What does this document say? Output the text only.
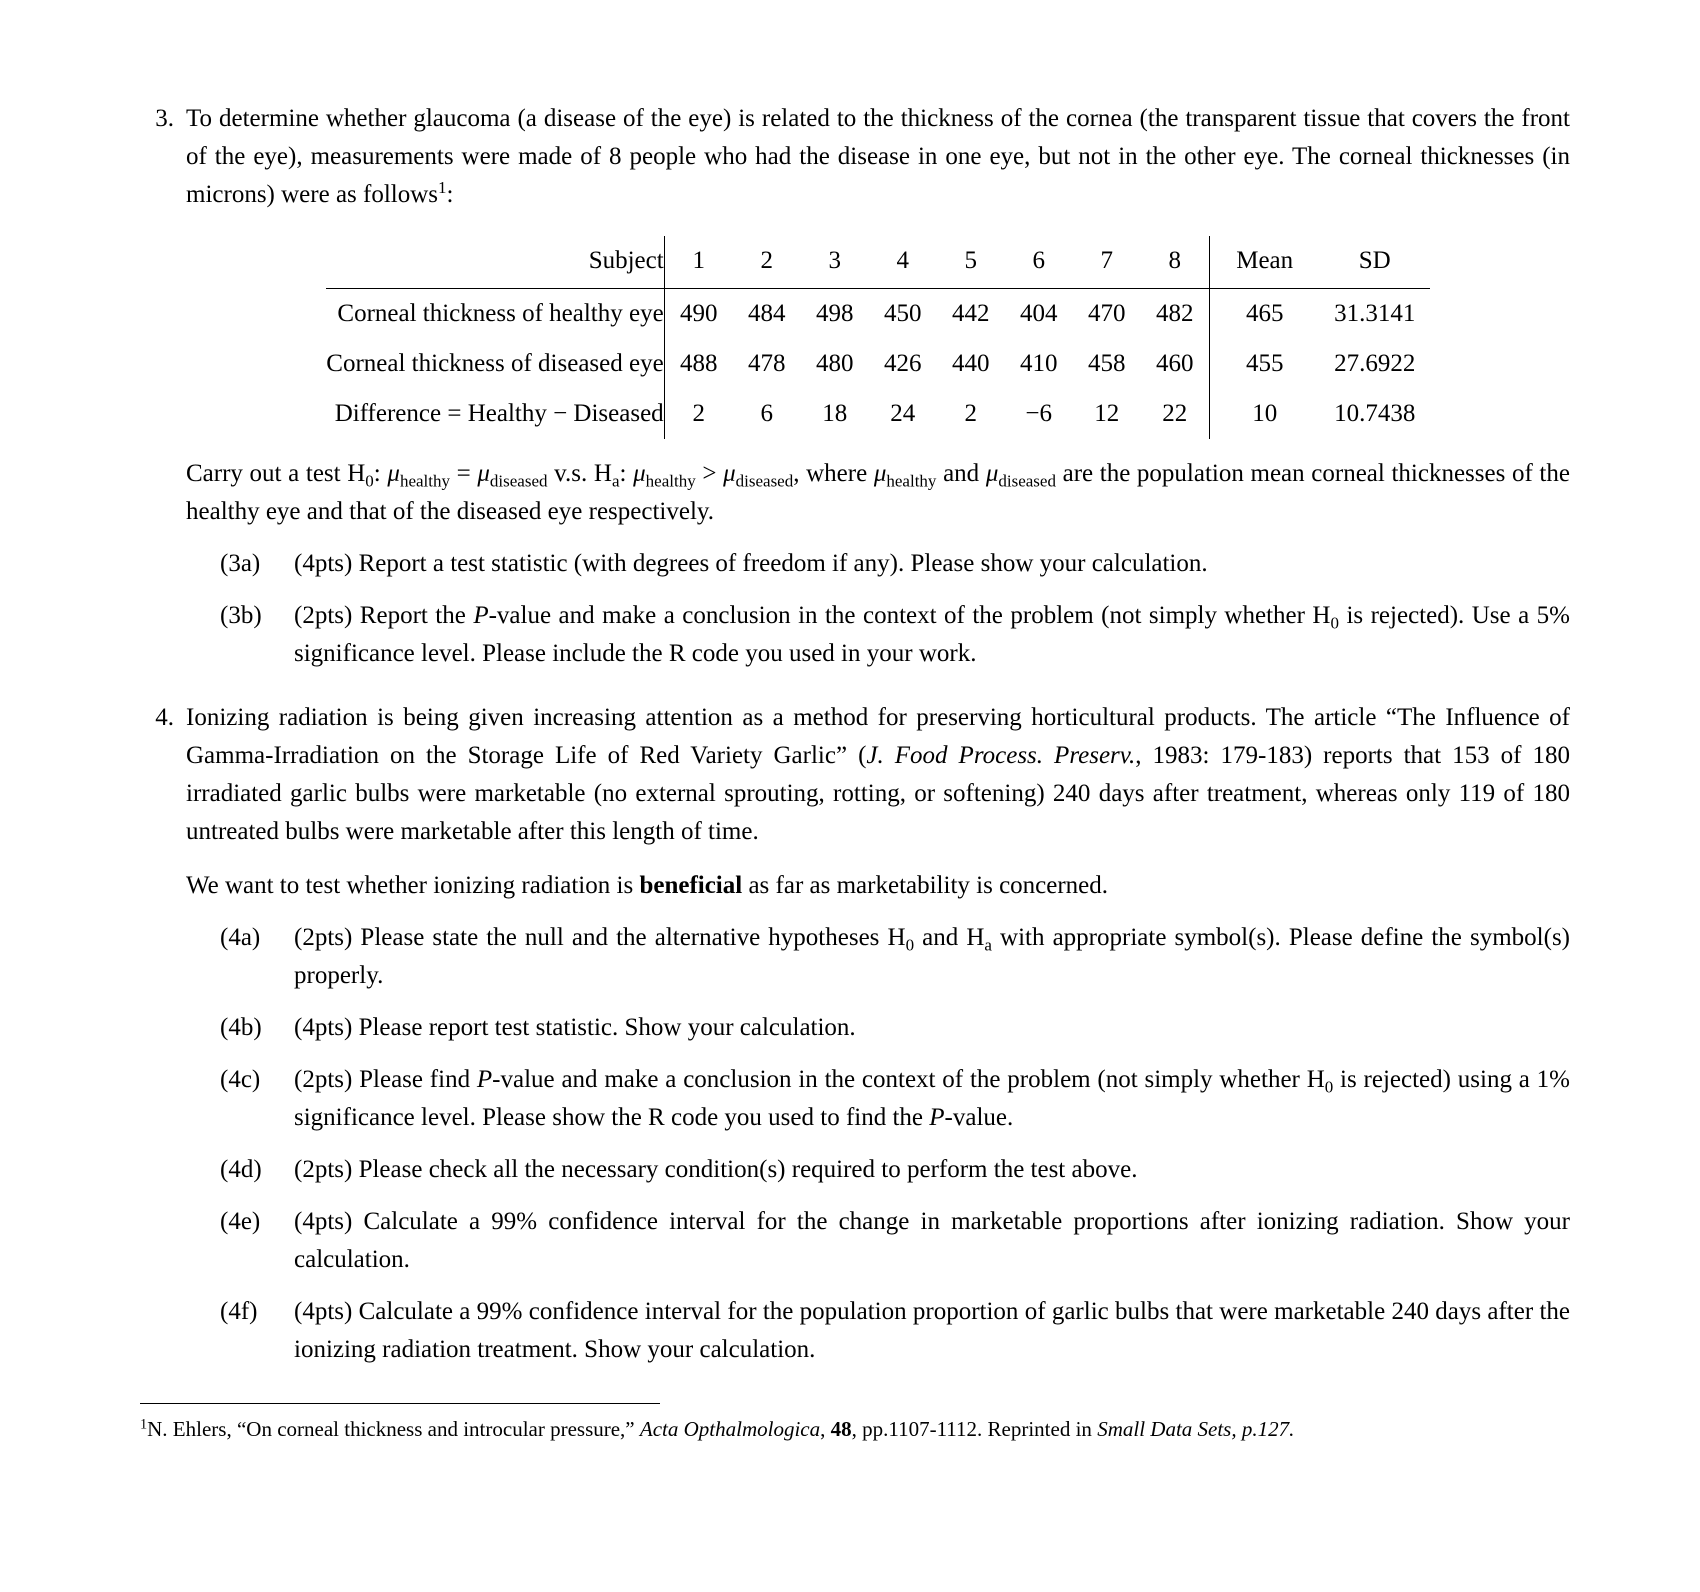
3. To determine whether glaucoma (a disease of the eye) is related to the thickness of the cornea (the transparent tissue that covers the front of the eye), measurements were made of 8 people who had the disease in one eye, but not in the other eye. The corneal thicknesses (in microns) were as follows$^1$:
Subject	1	2	3	4	5	6	7	8	Mean	SD

Corneal thickness of healthy eye	490	484	498	450	442	404	470	482	465	31.3141
Corneal thickness of diseased eye	488	478	480	426	440	410	458	460	455	27.6922
Difference = Healthy − Diseased	2	6	18	24	2	−6	12	22	10	10.7438
Carry out a test $H_0$: $\mu_{healthy} = \mu_{diseased}$ v.s. $H_a$: $\mu_{healthy} > \mu_{diseased}$, where $\mu_{healthy}$ and $\mu_{diseased}$ are the population mean corneal thicknesses of the healthy eye and that of the diseased eye respectively.
(3a)	(4pts) Report a test statistic (with degrees of freedom if any). Please show your calculation.
(3b)	(2pts) Report the P-value and make a conclusion in the context of the problem (not simply whether $H_0$ is rejected). Use a 5% significance level. Please include the R code you used in your work.
4. Ionizing radiation is being given increasing attention as a method for preserving horticultural products. The article “The Influence of Gamma-Irradiation on the Storage Life of Red Variety Garlic” (J. Food Process. Preserv., 1983: 179-183) reports that 153 of 180 irradiated garlic bulbs were marketable (no external sprouting, rotting, or softening) 240 days after treatment, whereas only 119 of 180 untreated bulbs were marketable after this length of time.
We want to test whether ionizing radiation is beneficial as far as marketability is concerned.
(4a)	(2pts) Please state the null and the alternative hypotheses $H_0$ and $H_a$ with appropriate symbol(s). Please define the symbol(s) properly.
(4b)	(4pts) Please report test statistic. Show your calculation.
(4c)	(2pts) Please find P-value and make a conclusion in the context of the problem (not simply whether $H_0$ is rejected) using a 1% significance level. Please show the R code you used to find the P-value.
(4d)	(2pts) Please check all the necessary condition(s) required to perform the test above.
(4e)	(4pts) Calculate a 99% confidence interval for the change in marketable proportions after ionizing radiation. Show your calculation.
(4f)	(4pts) Calculate a 99% confidence interval for the population proportion of garlic bulbs that were marketable 240 days after the ionizing radiation treatment. Show your calculation.
$^1$N. Ehlers, “On corneal thickness and introcular pressure,” Acta Opthalmologica, 48, pp.1107-1112. Reprinted in Small Data Sets, p.127.
